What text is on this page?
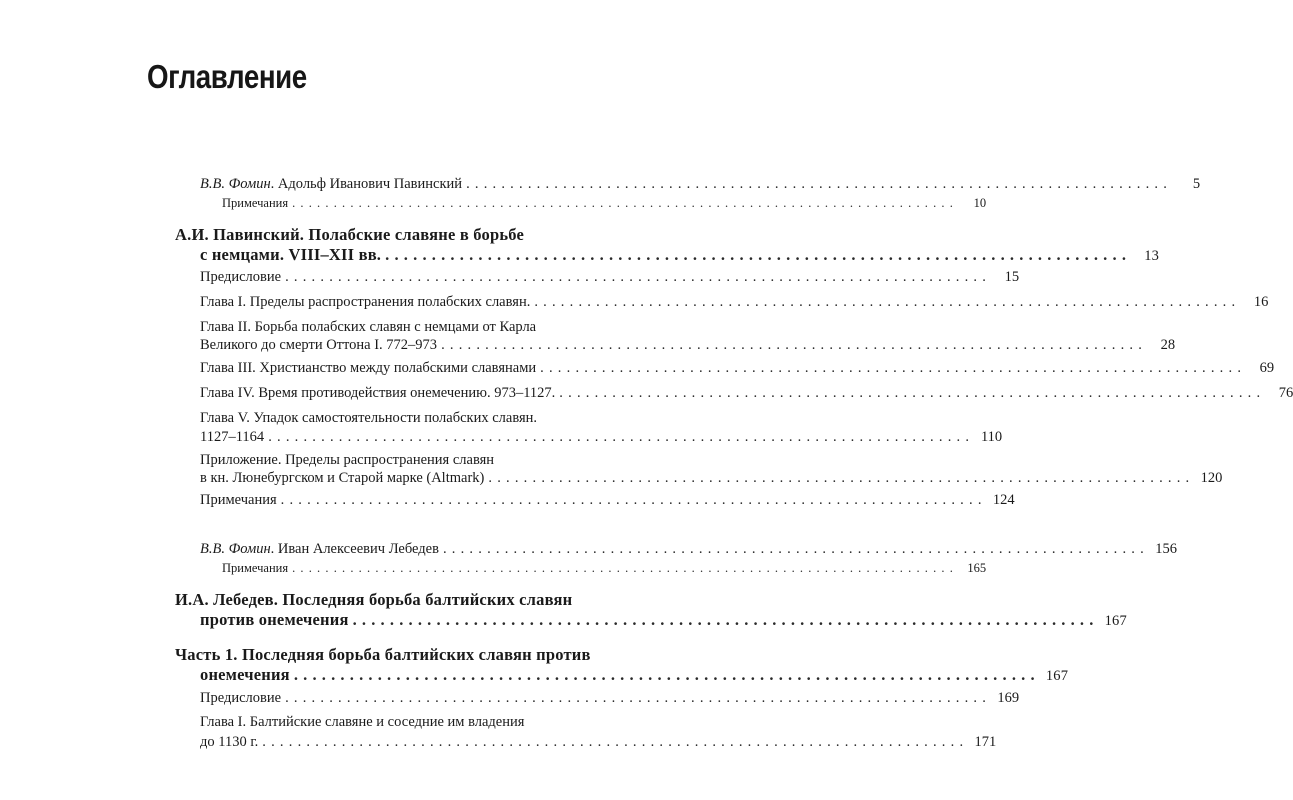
Оглавление
В.В. Фомин . Адольф Иванович Павинский ................................................................................	5
Примечания ................................................................................	10
А.И. Павинский. Полабские славяне в борьбе
с немцами. VIII–XII вв. ................................................................................ 13
Предисловие ................................................................................ 15
Глава I. Пределы распространения полабских славян. ................................................................................ 16
Глава II. Борьба полабских славян с немцами от Карла
Великого до смерти Оттона I. 772–973 ................................................................................ 28
Глава III. Христианство между полабскими славянами ................................................................................ 69
Глава IV. Время противодействия онемечению. 973–1127. ................................................................................ 76
Глава V. Упадок самостоятельности полабских славян.
1127–1164 ................................................................................ 110
Приложение. Пределы распространения славян
в кн. Люнебургском и Старой марке (Altmark) ................................................................................ 120
Примечания ................................................................................ 124
В.В. Фомин . Иван Алексеевич Лебедев ................................................................................ 156
Примечания ................................................................................ 165
И.А. Лебедев. Последняя борьба балтийских славян
против онемечения ................................................................................ 167
Часть 1. Последняя борьба балтийских славян против
онемечения ................................................................................ 167
Предисловие ................................................................................ 169
Глава I. Балтийские славяне и соседние им владения
до 1130 г. ................................................................................ 171
